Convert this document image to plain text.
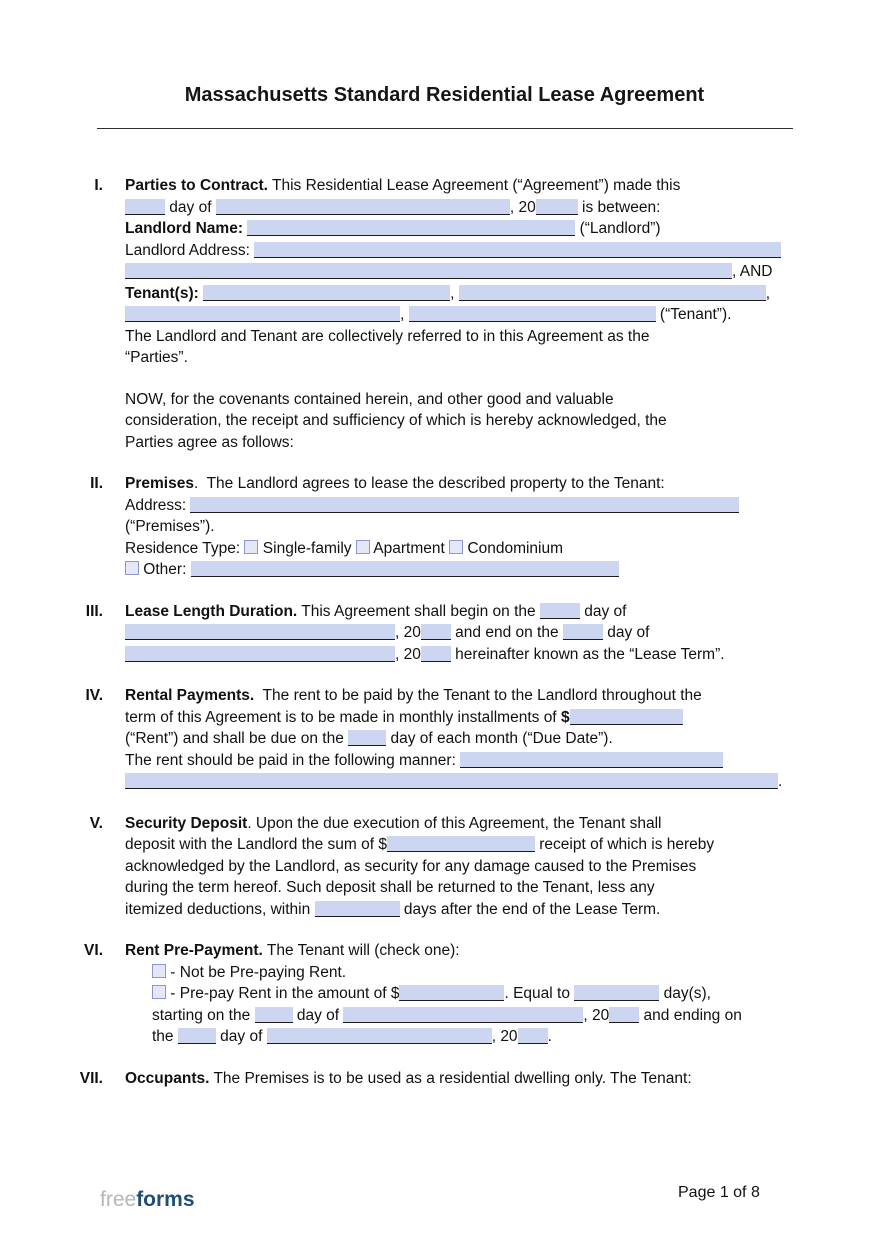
Massachusetts Standard Residential Lease Agreement
I. Parties to Contract. This Residential Lease Agreement (“Agreement”) made this
day of	, 20	is between:
Landlord Name:	(“Landlord”)
Landlord Address:
, AND
Tenant(s):	,	,
,	(“Tenant”).
The Landlord and Tenant are collectively referred to in this Agreement as the
“Parties”.
NOW, for the covenants contained herein, and other good and valuable
consideration, the receipt and sufficiency of which is hereby acknowledged, the
Parties agree as follows:
II. Premises.  The Landlord agrees to lease the described property to the Tenant:
Address:
(“Premises”).
Residence Type:  Single-family  Apartment  Condominium
Other:
III. Lease Length Duration. This Agreement shall begin on the	day of
, 20 and end on the	day of
, 20 hereinafter known as the “Lease Term”.
IV. Rental Payments.  The rent to be paid by the Tenant to the Landlord throughout the
term of this Agreement is to be made in monthly installments of $
(“Rent”) and shall be due on the  day of each month (“Due Date”).
The rent should be paid in the following manner:
.
V. Security Deposit. Upon the due execution of this Agreement, the Tenant shall
deposit with the Landlord the sum of $	receipt of which is hereby
acknowledged by the Landlord, as security for any damage caused to the Premises
during the term hereof. Such deposit shall be returned to the Tenant, less any
itemized deductions, within	days after the end of the Lease Term.
VI. Rent Pre-Payment. The Tenant will (check one):
- Not be Pre-paying Rent.
- Pre-pay Rent in the amount of $	. Equal to	day(s),
starting on the  day of	, 20 and ending on
the  day of	, 20 .
VII. Occupants. The Premises is to be used as a residential dwelling only. The Tenant:
freeforms	Page 1 of 8
